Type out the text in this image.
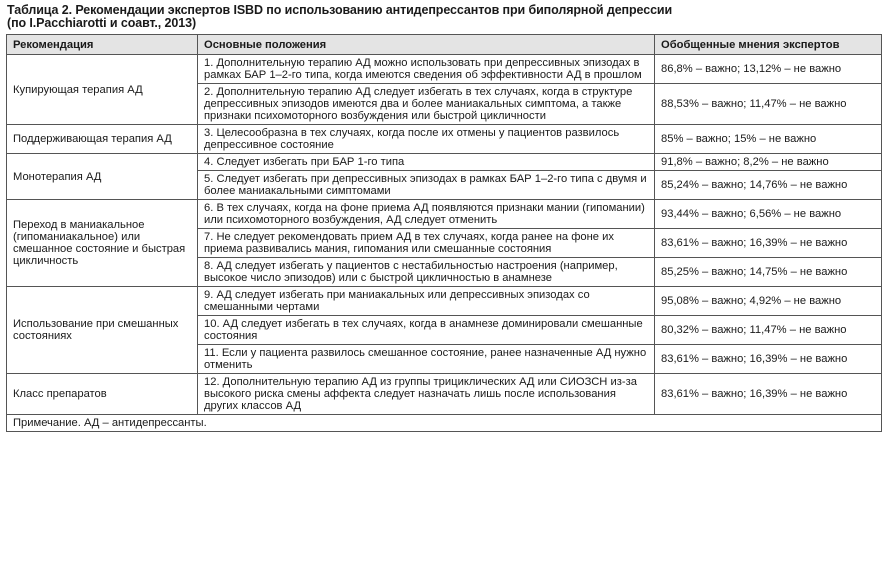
Таблица 2. Рекомендации экспертов ISBD по использованию антидепрессантов при биполярной депрессии
(по I.Pacchiarotti и соавт., 2013)
Рекомендация	Основные положения	Обобщенные мнения экспертов
Купирующая терапия АД	1. Дополнительную терапию АД можно использовать при депрессивных эпизодах в рамках БАР 1–2-го типа, когда имеются сведения об эффективности АД в прошлом	86,8% – важно; 13,12% – не важно
	2. Дополнительную терапию АД следует избегать в тех случаях, когда в структуре депрессивных эпизодов имеются два и более маниакальных симптома, а также признаки психомоторного возбуждения или быстрой цикличности	88,53% – важно; 11,47% – не важно
Поддерживающая терапия АД	3. Целесообразна в тех случаях, когда после их отмены у пациентов развилось депрессивное состояние	85% – важно; 15% – не важно
Монотерапия АД	4. Следует избегать при БАР 1-го типа	91,8% – важно; 8,2% – не важно
	5. Следует избегать при депрессивных эпизодах в рамках БАР 1–2-го типа с двумя и более маниакальными симптомами	85,24% – важно; 14,76% – не важно
Переход в маниакальное (гипоманиакальное) или смешанное состояние и быстрая цикличность	6. В тех случаях, когда на фоне приема АД появляются признаки мании (гипомании) или психомоторного возбуждения, АД следует отменить	93,44% – важно; 6,56% – не важно
	7. Не следует рекомендовать прием АД в тех случаях, когда ранее на фоне их приема развивались мания, гипомания или смешанные состояния	83,61% – важно; 16,39% – не важно
	8. АД следует избегать у пациентов с нестабильностью настроения (например, высокое число эпизодов) или с быстрой цикличностью в анамнезе	85,25% – важно; 14,75% – не важно
Использование при смешанных состояниях	9. АД следует избегать при маниакальных или депрессивных эпизодах со смешанными чертами	95,08% – важно; 4,92% – не важно
	10. АД следует избегать в тех случаях, когда в анамнезе доминировали смешанные состояния	80,32% – важно; 11,47% – не важно
	11. Если у пациента развилось смешанное состояние, ранее назначенные АД нужно отменить	83,61% – важно; 16,39% – не важно
Класс препаратов	12. Дополнительную терапию АД из группы трициклических АД или СИОЗСН из-за высокого риска смены аффекта следует назначать лишь после использования других классов АД	83,61% – важно; 16,39% – не важно
Примечание. АД – антидепрессанты.		
